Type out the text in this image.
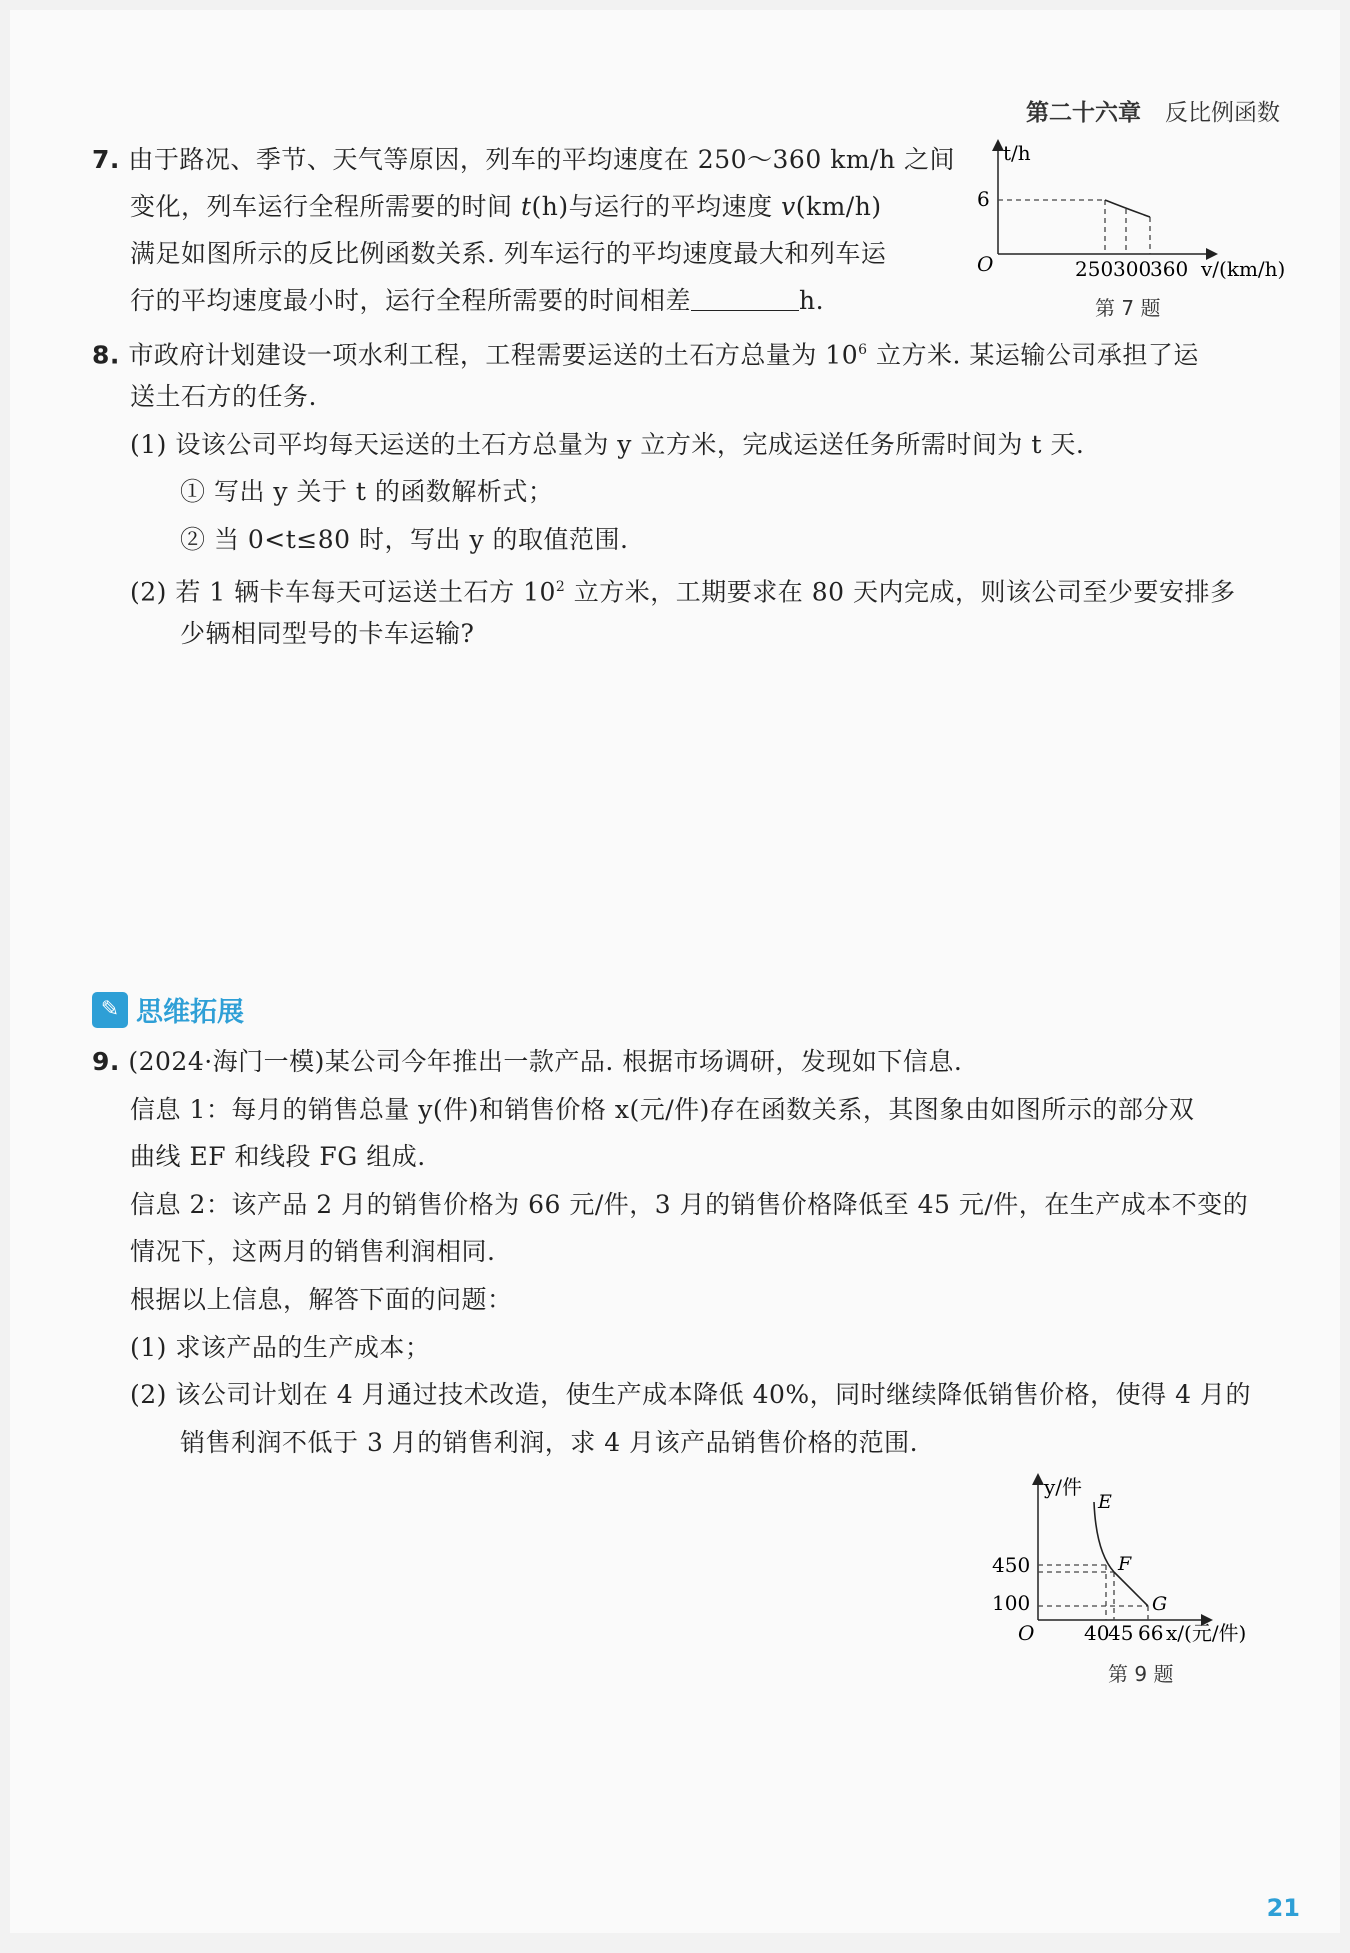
第二十六章 反比例函数
7. 由于路况、季节、天气等原因，列车的平均速度在 250～360 km/h 之间
变化，列车运行全程所需要的时间 t(h)与运行的平均速度 v(km/h)
满足如图所示的反比例函数关系. 列车运行的平均速度最大和列车运
行的平均速度最小时，运行全程所需要的时间相差	h.
t/h
O
6
250 300
360 v/(km/h)
第 7 题
8. 市政府计划建设一项水利工程，工程需要运送的土石方总量为 $10^6$ 立方米. 某运输公司承担了运
送土石方的任务.
(1) 设该公司平均每天运送的土石方总量为 y 立方米，完成运送任务所需时间为 t 天.
① 写出 y 关于 t 的函数解析式；
② 当 0<t≤80 时，写出 y 的取值范围.
(2) 若 1 辆卡车每天可运送土石方 $10^2$ 立方米，工期要求在 80 天内完成，则该公司至少要安排多
少辆相同型号的卡车运输?
✎ 思维拓展
9. (2024·海门一模)某公司今年推出一款产品. 根据市场调研，发现如下信息.
信息 1：每月的销售总量 y(件)和销售价格 x(元/件)存在函数关系，其图象由如图所示的部分双
曲线 EF 和线段 FG 组成.
信息 2：该产品 2 月的销售价格为 66 元/件，3 月的销售价格降低至 45 元/件，在生产成本不变的
情况下，这两月的销售利润相同.
根据以上信息，解答下面的问题：
(1) 求该产品的生产成本；
(2) 该公司计划在 4 月通过技术改造，使生产成本降低 40%，同时继续降低销售价格，使得 4 月的
销售利润不低于 3 月的销售利润，求 4 月该产品销售价格的范围.
y/件
O
450
100
E
F
G
40
45 66 x/(元/件)
第 9 题
21
